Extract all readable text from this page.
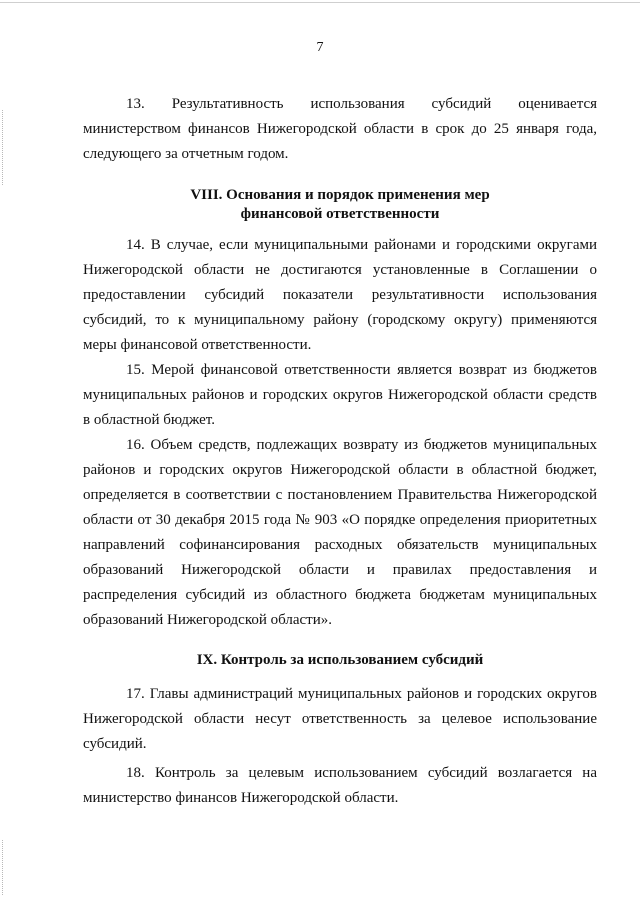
7

13. Результативность использования субсидий оценивается министерством финансов Нижегородской области в срок до 25 января года, следующего за отчетным годом.

VIII. Основания и порядок применения мер
финансовой ответственности

14. В случае, если муниципальными районами и городскими округами Нижегородской области не достигаются установленные в Соглашении о предоставлении субсидий показатели результативности использования субсидий, то к муниципальному району (городскому округу) применяются меры финансовой ответственности.

15. Мерой финансовой ответственности является возврат из бюджетов муниципальных районов и городских округов Нижегородской области средств в областной бюджет.

16. Объем средств, подлежащих возврату из бюджетов муниципальных районов и городских округов Нижегородской области в областной бюджет, определяется в соответствии с постановлением Правительства Нижегородской области от 30 декабря 2015 года № 903 «О порядке определения приоритетных направлений софинансирования расходных обязательств муниципальных образований Нижегородской области и правилах предоставления и распределения субсидий из областного бюджета бюджетам муниципальных образований Нижегородской области».

IX. Контроль за использованием субсидий

17. Главы администраций муниципальных районов и городских округов Нижегородской области несут ответственность за целевое использование субсидий.

18. Контроль за целевым использованием субсидий возлагается на министерство финансов Нижегородской области.
